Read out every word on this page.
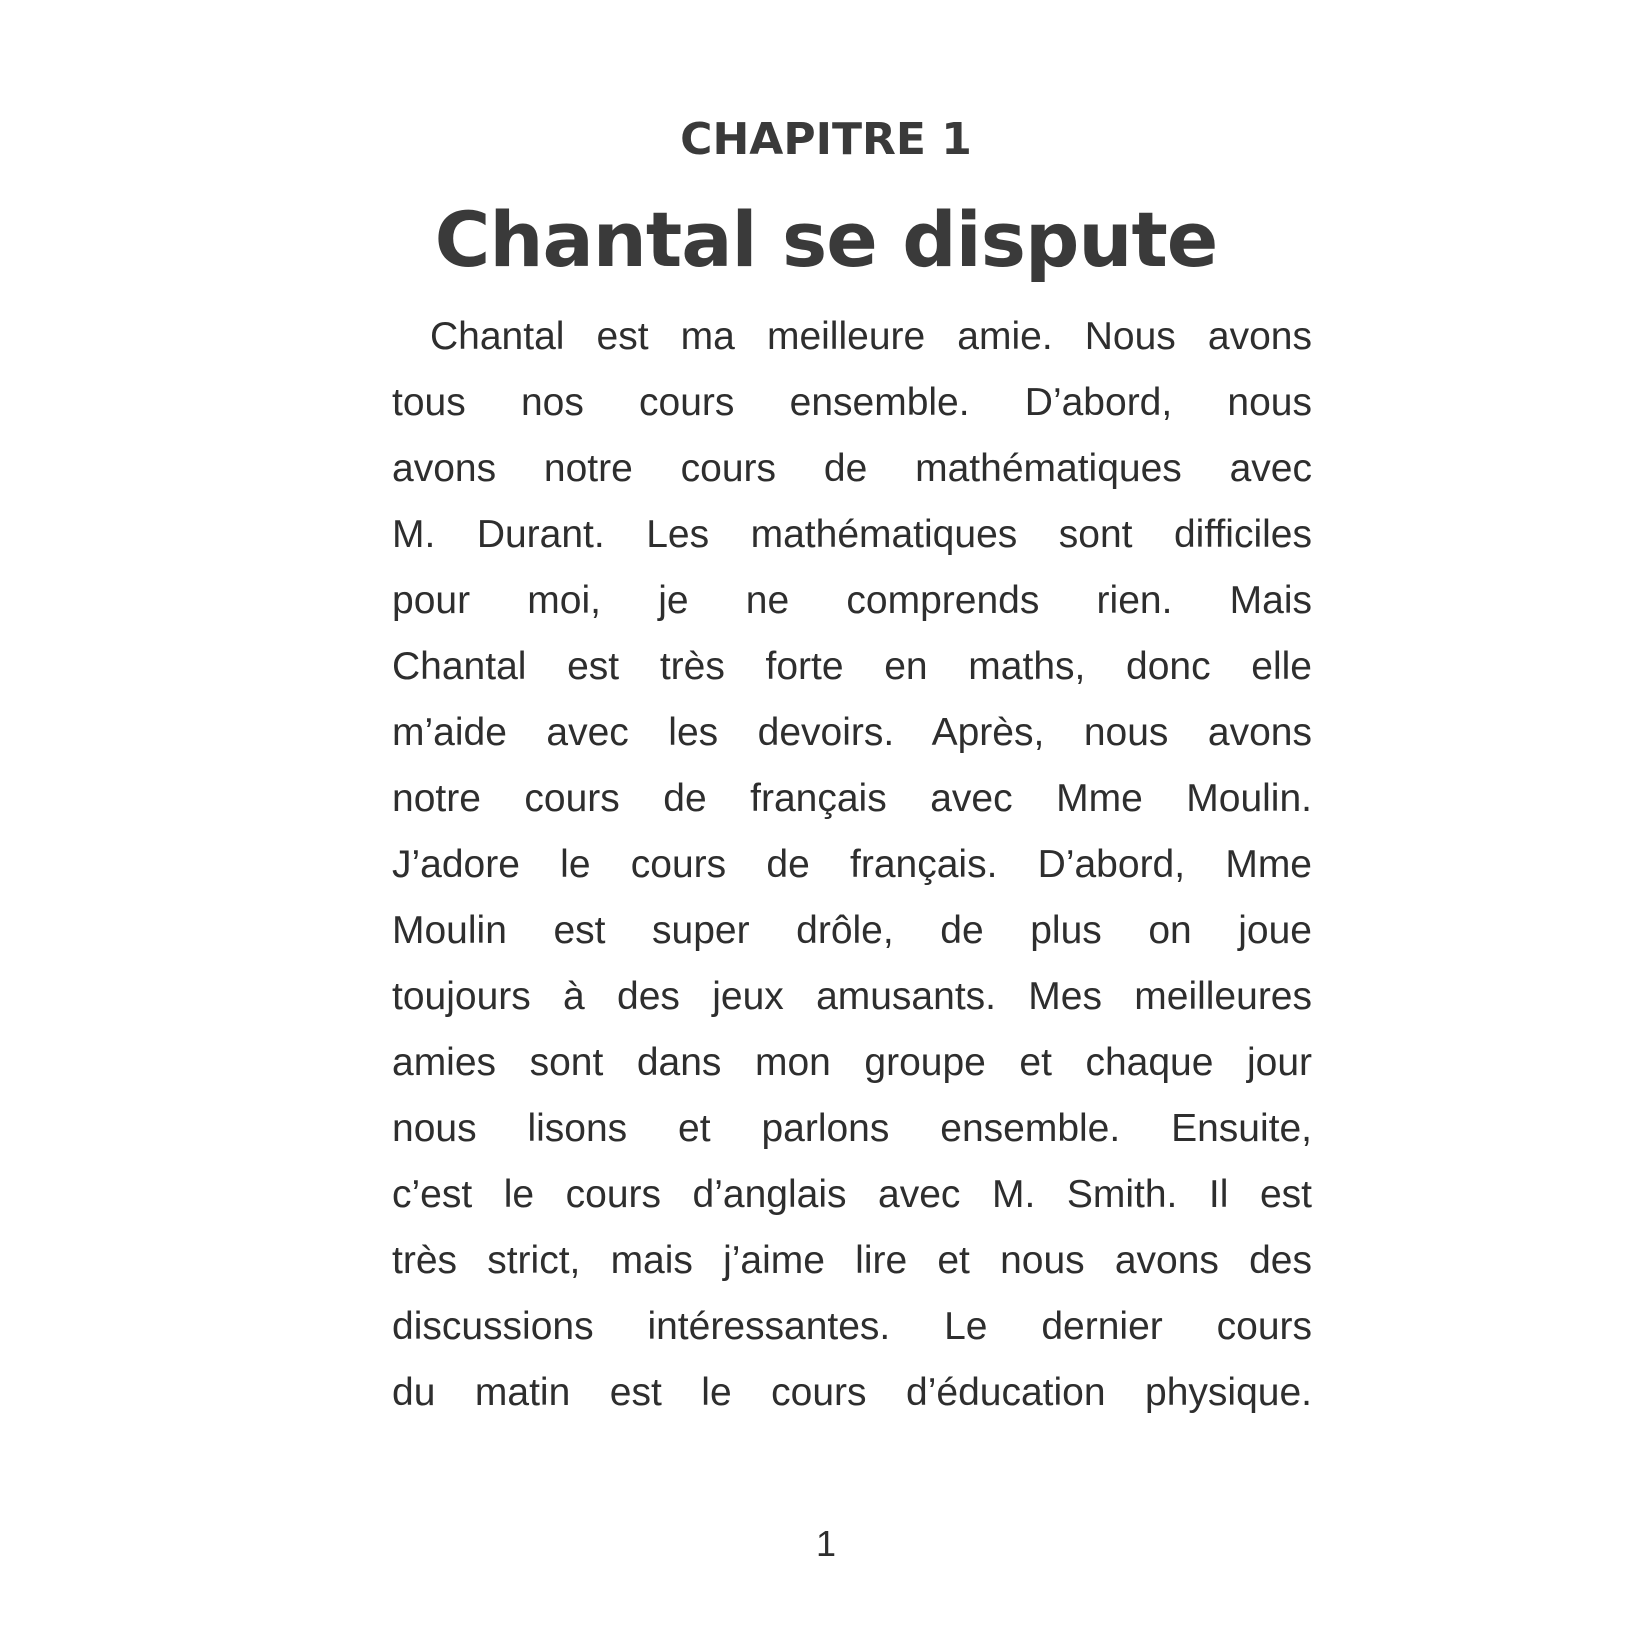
CHAPITRE 1
Chantal se dispute
Chantal est ma meilleure amie. Nous avons
tous nos cours ensemble. D’abord, nous
avons notre cours de mathématiques avec
M. Durant. Les mathématiques sont difficiles
pour moi, je ne comprends rien. Mais
Chantal est très forte en maths, donc elle
m’aide avec les devoirs. Après, nous avons
notre cours de français avec Mme Moulin.
J’adore le cours de français. D’abord, Mme
Moulin est super drôle, de plus on joue
toujours à des jeux amusants. Mes meilleures
amies sont dans mon groupe et chaque jour
nous lisons et parlons ensemble. Ensuite,
c’est le cours d’anglais avec M. Smith. Il est
très strict, mais j’aime lire et nous avons des
discussions intéressantes. Le dernier cours
du matin est le cours d’éducation physique.
1
